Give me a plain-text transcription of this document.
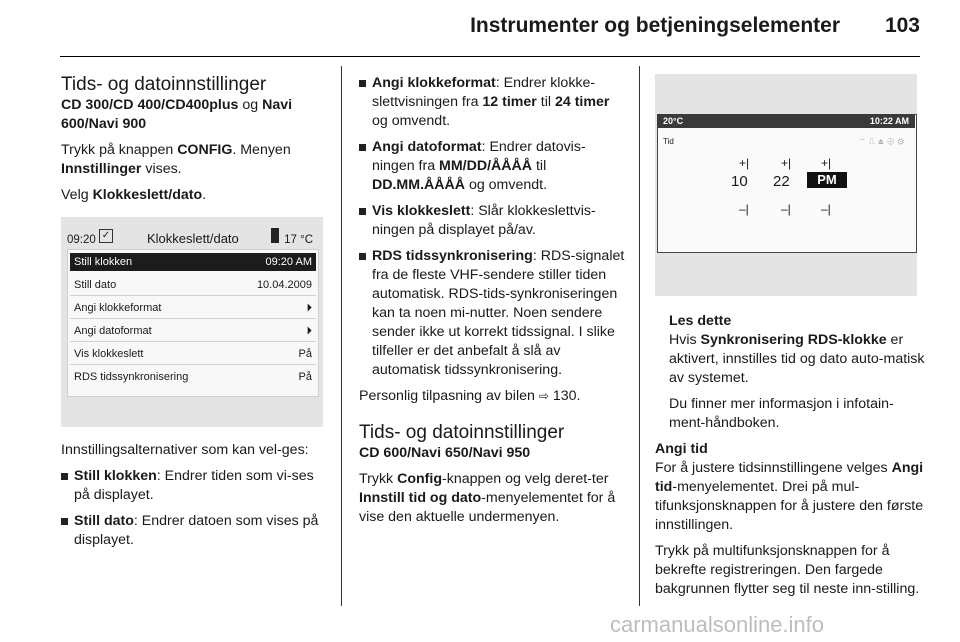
Instrumenter og betjeningselementer 103
Tids- og datoinnstillinger

CD 300/CD 400/CD400plus og Navi 600/Navi 900

Trykk på knappen CONFIG. Menyen Innstillinger vises.

Velg Klokkeslett/dato.

09:20 ✓	Klokkeslett/dato	17 °C
Still klokken	09:20 AM
Still dato	10.04.2009
Angi klokkeformat	⏵
Angi datoformat	⏵
Vis klokkeslett	På
RDS tidssynkronisering	På

Innstillingsalternativer som kan vel-ges:

Still klokken: Endrer tiden som vi-ses på displayet.
Still dato: Endrer datoen som vises på displayet.
Angi klokkeformat: Endrer klokke-slettvisningen fra 12 timer til 24 timer og omvendt.
Angi datoformat: Endrer datovis-ningen fra MM/DD/ÅÅÅÅ til DD.MM.ÅÅÅÅ og omvendt.
Vis klokkeslett: Slår klokkeslettvis-ningen på displayet på/av.
RDS tidssynkronisering: RDS-signalet fra de fleste VHF-sendere stiller tiden automatisk. RDS-tids-synkroniseringen kan ta noen mi-nutter. Noen sendere sender ikke ut korrekt tidssignal. I slike tilfeller er det anbefalt å slå av automatisk tidssynkronisering.

Personlig tilpasning av bilen ⇨ 130.

Tids- og datoinnstillinger

CD 600/Navi 650/Navi 950

Trykk Config-knappen og velg deret-ter Innstill tid og dato-menyelementet for å vise den aktuelle undermenyen.

20°C	10:22 AM
Tid	⌔⎍⏏⊕⚙
+|	+| +|
10 22	PM
–|	–|	–|

Les dette

Hvis Synkronisering RDS-klokke er aktivert, innstilles tid og dato auto-matisk av systemet.

Du finner mer informasjon i infotain-ment-håndboken.

Angi tid

For å justere tidsinnstillingene velges Angi tid-menyelementet. Drei på mul-tifunksjonsknappen for å justere den første innstillingen.

Trykk på multifunksjonsknappen for å bekrefte registreringen. Den fargede bakgrunnen flytter seg til neste inn-stilling.

carmanualsonline.info
